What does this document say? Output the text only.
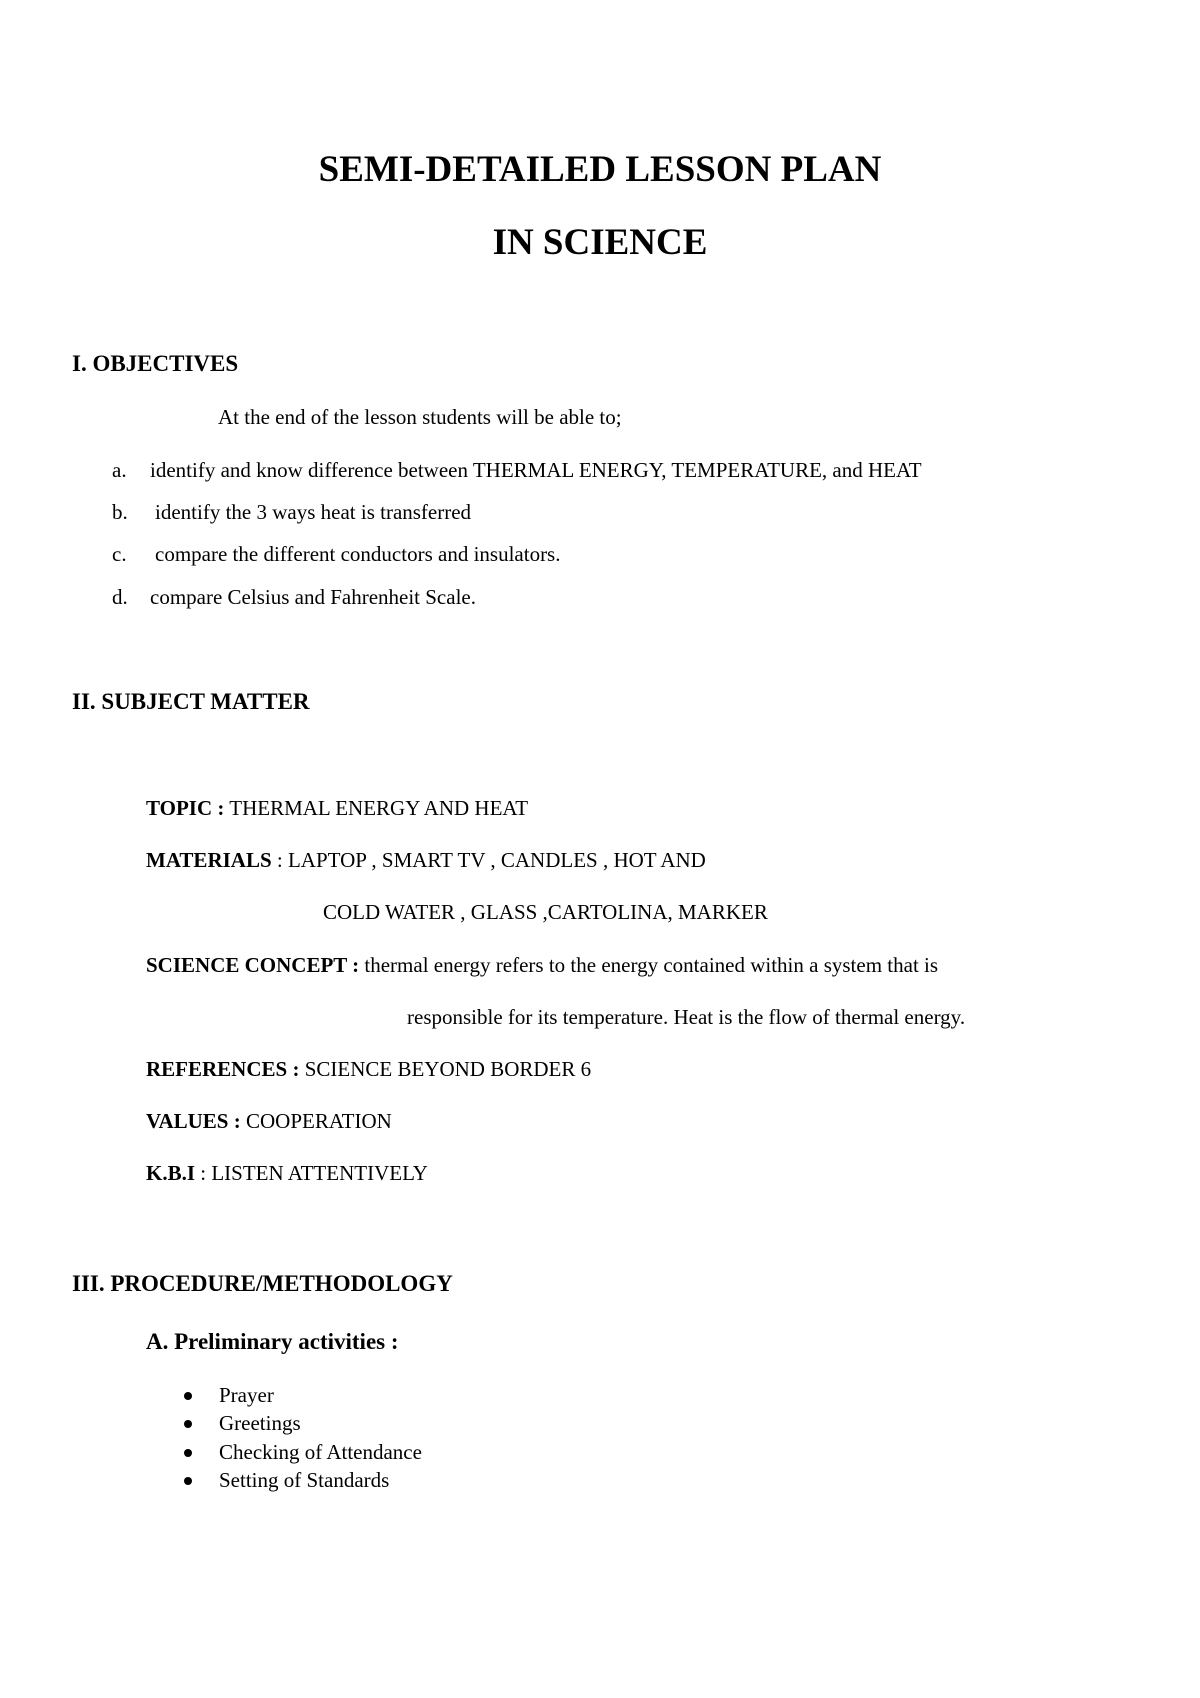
SEMI-DETAILED LESSON PLAN
IN SCIENCE
I. OBJECTIVES
At the end of the lesson students will be able to;
a. identify and know difference between THERMAL ENERGY, TEMPERATURE, and HEAT
b. identify the 3 ways heat is transferred
c. compare the different conductors and insulators.
d. compare Celsius and Fahrenheit Scale.
II. SUBJECT MATTER
TOPIC : THERMAL ENERGY AND HEAT
MATERIALS : LAPTOP , SMART TV , CANDLES , HOT AND
COLD WATER , GLASS ,CARTOLINA, MARKER
SCIENCE CONCEPT : thermal energy refers to the energy contained within a system that is
responsible for its temperature. Heat is the flow of thermal energy.
REFERENCES : SCIENCE BEYOND BORDER 6
VALUES : COOPERATION
K.B.I : LISTEN ATTENTIVELY
III. PROCEDURE/METHODOLOGY
A. Preliminary activities :
Prayer
Greetings
Checking of Attendance
Setting of Standards
